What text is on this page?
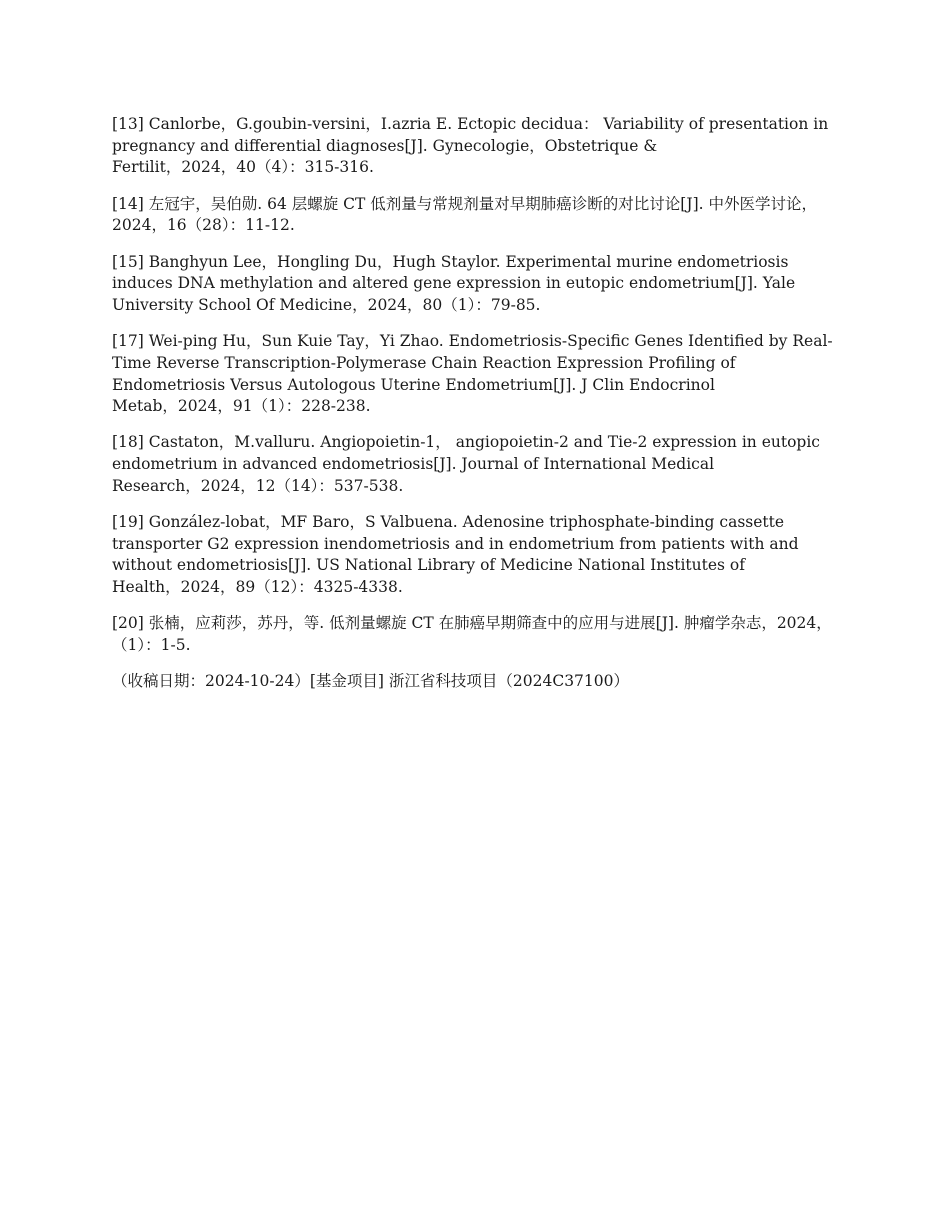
[13] Canlorbe，G.goubin-versini，I.azria E. Ectopic decidua： Variability of presentation in pregnancy and differential diagnoses[J]. Gynecologie，Obstetrique &
Fertilit，2024，40（4）：315-316.

[14] 左冠宇，吴伯勋. 64 层螺旋 CT 低剂量与常规剂量对早期肺癌诊断的对比讨论[J]. 中外医学讨论，2024，16（28）：11-12.

[15] Banghyun Lee，Hongling Du，Hugh Staylor. Experimental murine endometriosis induces DNA methylation and altered gene expression in eutopic endometrium[J]. Yale University School Of Medicine，2024，80（1）：79-85.

[17] Wei-ping Hu，Sun Kuie Tay，Yi Zhao. Endometriosis-Specific Genes Identified by Real-Time Reverse Transcription-Polymerase Chain Reaction Expression Profiling of Endometriosis Versus Autologous Uterine Endometrium[J]. J Clin Endocrinol
Metab，2024，91（1）：228-238.

[18] Castaton，M.valluru. Angiopoietin-1， angiopoietin-2 and Tie-2 expression in eutopic endometrium in advanced endometriosis[J]. Journal of International Medical
Research，2024，12（14）：537-538.

[19] González-lobat，MF Baro，S Valbuena. Adenosine triphosphate-binding cassette transporter G2 expression inendometriosis and in endometrium from patients with and without endometriosis[J]. US National Library of Medicine National Institutes of
Health，2024，89（12）：4325-4338.

[20] 张楠，应莉莎，苏丹，等. 低剂量螺旋 CT 在肺癌早期筛查中的应用与进展[J]. 肿瘤学杂志，2024，（1）：1-5.

（收稿日期：2024-10-24）[基金项目] 浙江省科技项目（2024C37100）
